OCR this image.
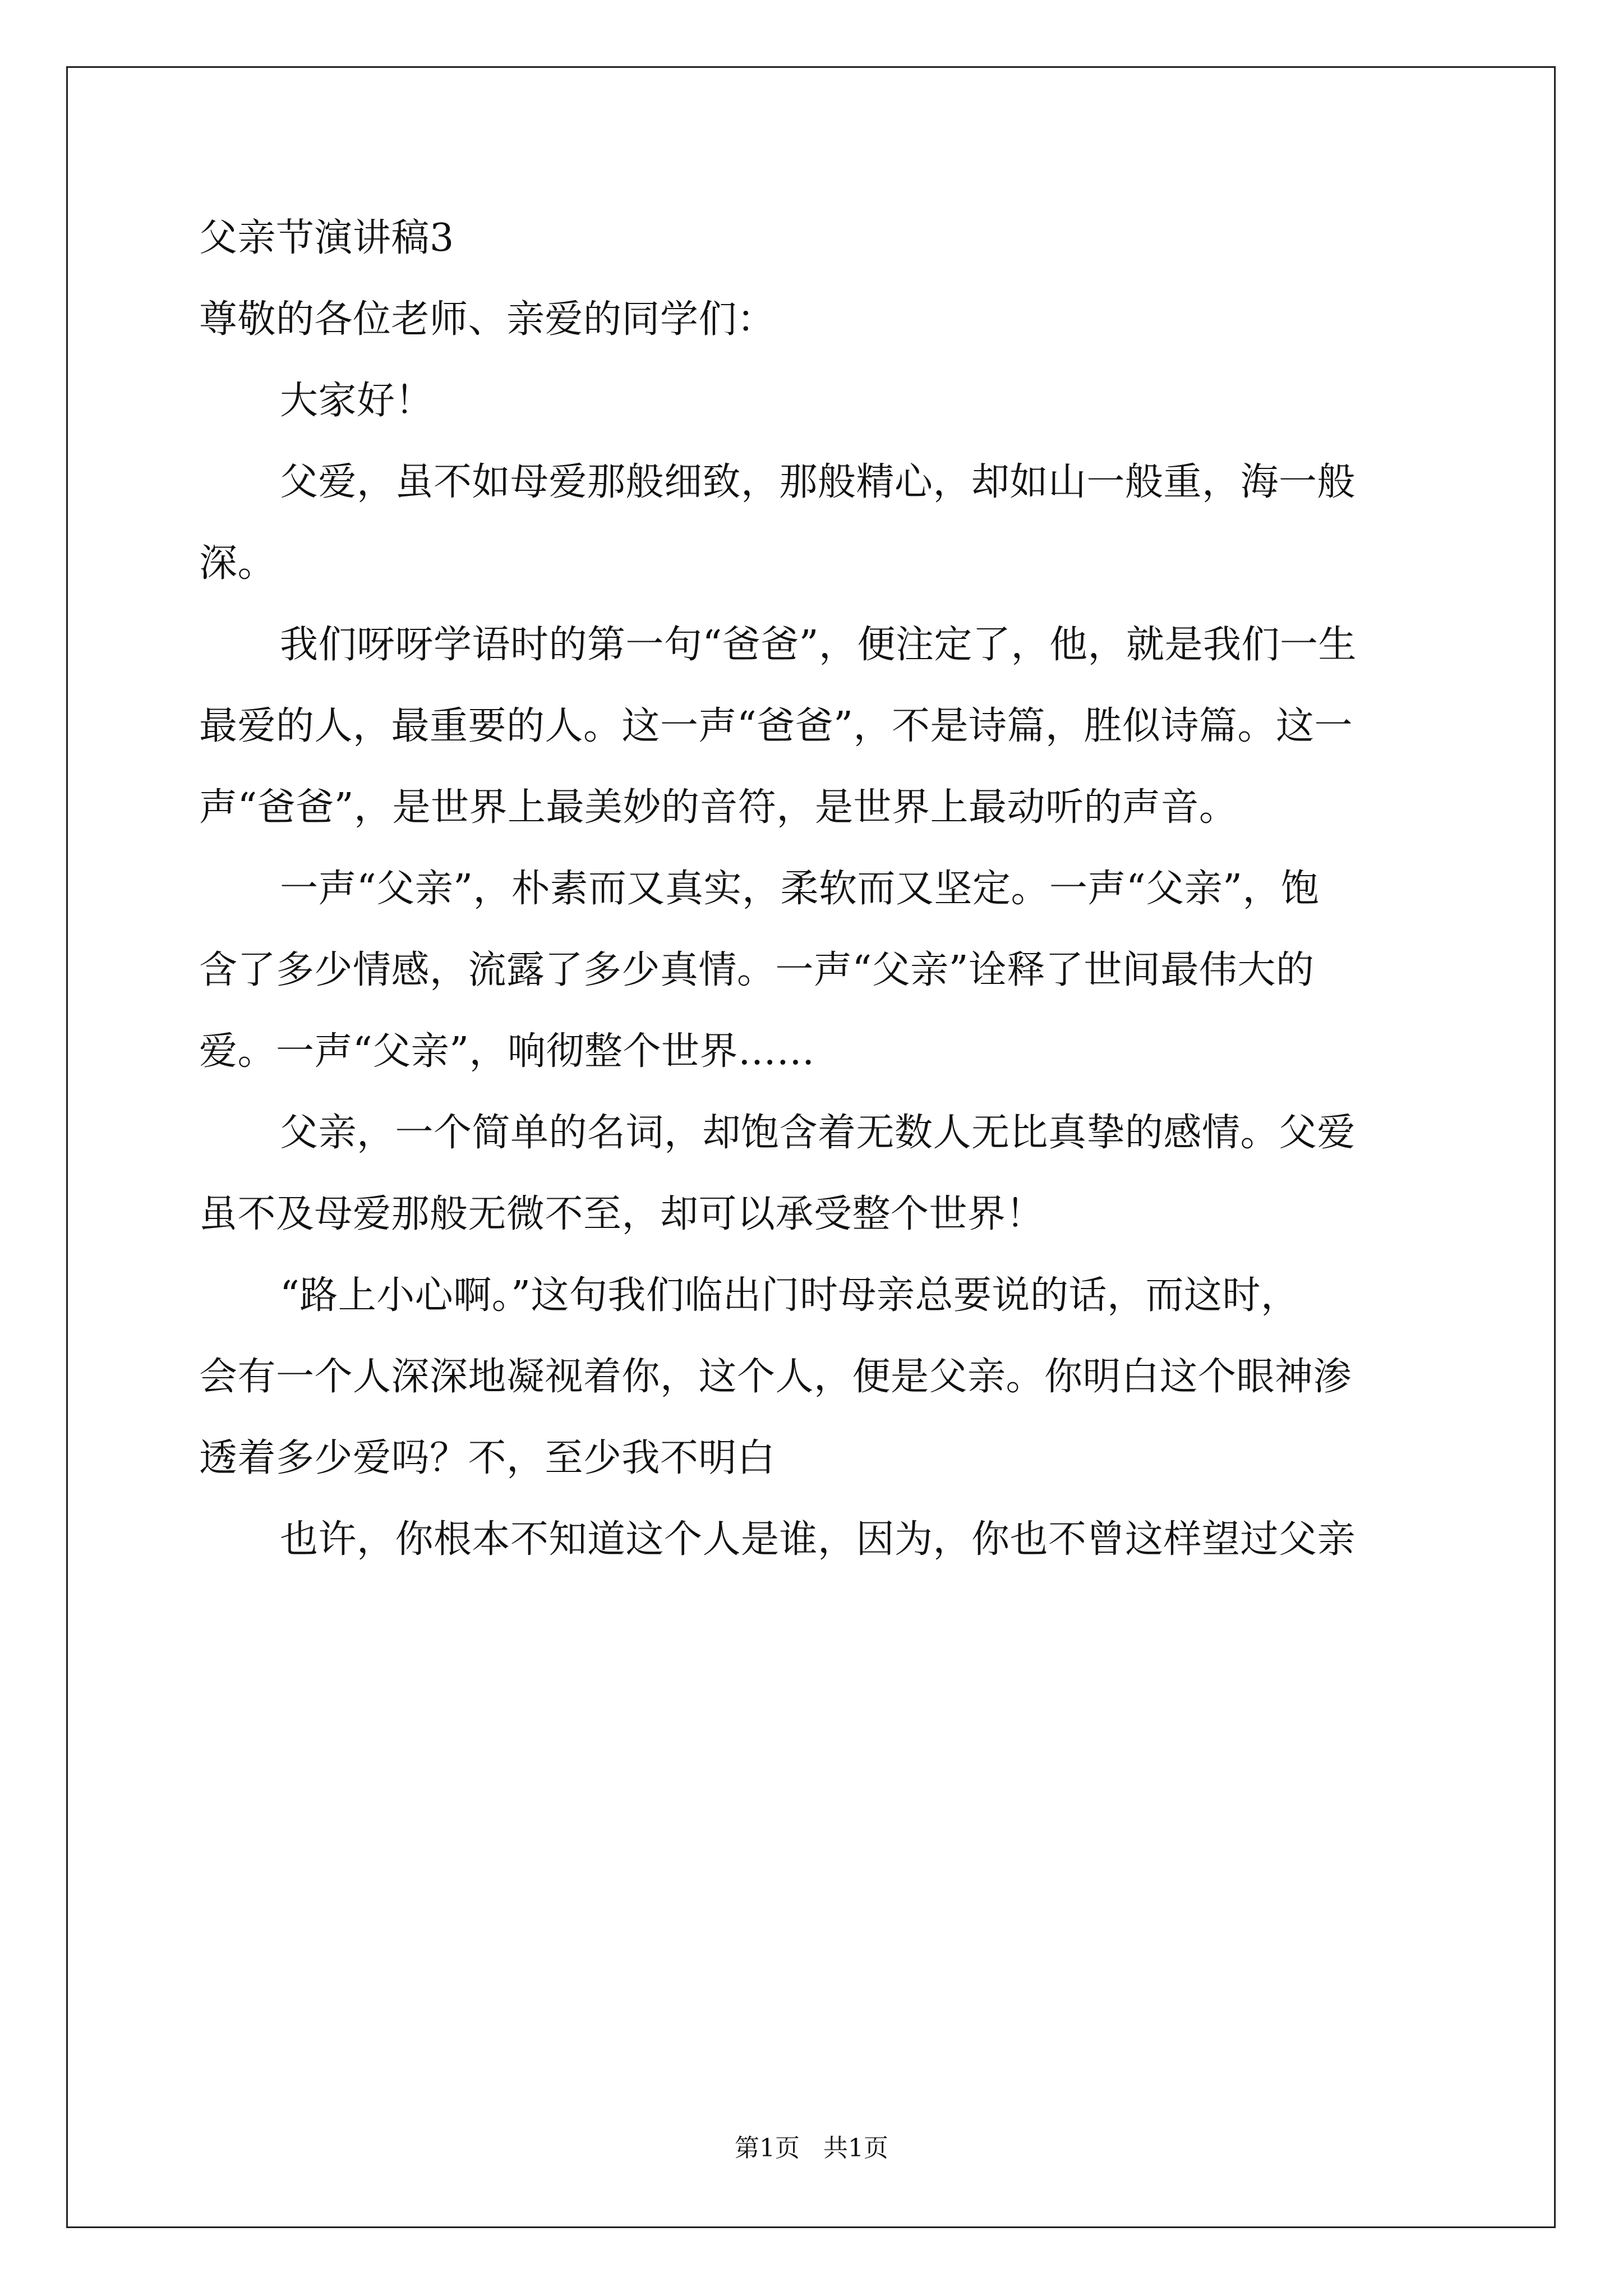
父亲节演讲稿3
尊敬的各位老师、亲爱的同学们：
大家好！
父爱，虽不如母爱那般细致，那般精心，却如山一般重，海一般
深。
我们呀呀学语时的第一句“爸爸”，便注定了，他，就是我们一生
最爱的人，最重要的人。这一声“爸爸”，不是诗篇，胜似诗篇。这一
声“爸爸”，是世界上最美妙的音符，是世界上最动听的声音。
一声“父亲”，朴素而又真实，柔软而又坚定。一声“父亲”，饱
含了多少情感，流露了多少真情。一声“父亲”诠释了世间最伟大的
爱。一声“父亲”，响彻整个世界……
父亲，一个简单的名词，却饱含着无数人无比真挚的感情。父爱
虽不及母爱那般无微不至，却可以承受整个世界！
“路上小心啊。”这句我们临出门时母亲总要说的话，而这时，
会有一个人深深地凝视着你，这个人，便是父亲。你明白这个眼神渗
透着多少爱吗？不，至少我不明白
也许，你根本不知道这个人是谁，因为，你也不曾这样望过父亲
第1页   共1页
